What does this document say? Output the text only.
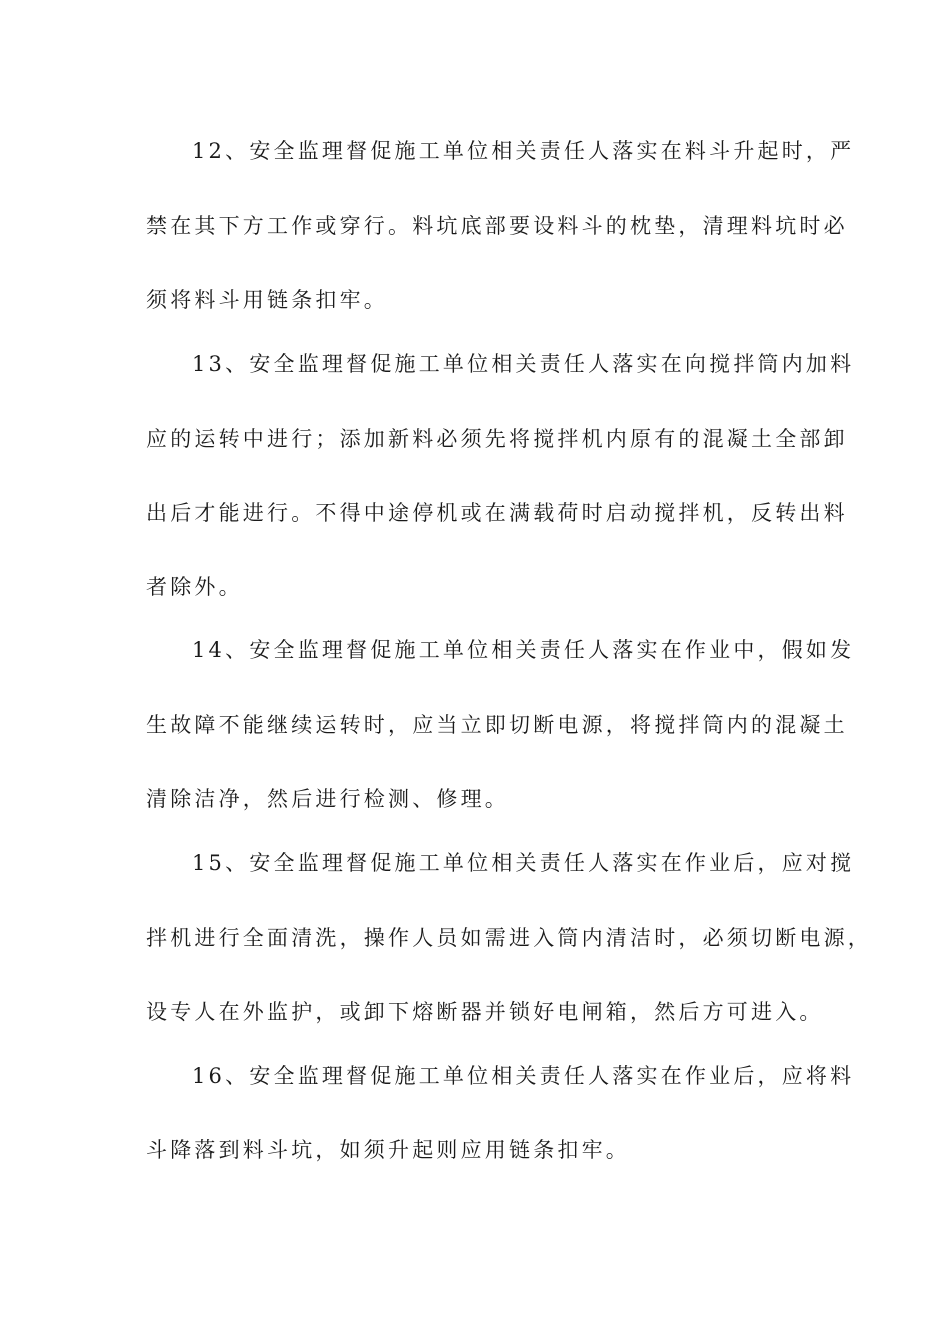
12、安全监理督促施工单位相关责任人落实在料斗升起时，严
禁在其下方工作或穿行。料坑底部要设料斗的枕垫，清理料坑时必
须将料斗用链条扣牢。
13、安全监理督促施工单位相关责任人落实在向搅拌筒内加料
应的运转中进行；添加新料必须先将搅拌机内原有的混凝土全部卸
出后才能进行。不得中途停机或在满载荷时启动搅拌机，反转出料
者除外。
14、安全监理督促施工单位相关责任人落实在作业中，假如发
生故障不能继续运转时，应当立即切断电源，将搅拌筒内的混凝土
清除洁净，然后进行检测、修理。
15、安全监理督促施工单位相关责任人落实在作业后，应对搅
拌机进行全面清洗，操作人员如需进入筒内清洁时，必须切断电源，
设专人在外监护，或卸下熔断器并锁好电闸箱，然后方可进入。
16、安全监理督促施工单位相关责任人落实在作业后，应将料
斗降落到料斗坑，如须升起则应用链条扣牢。
